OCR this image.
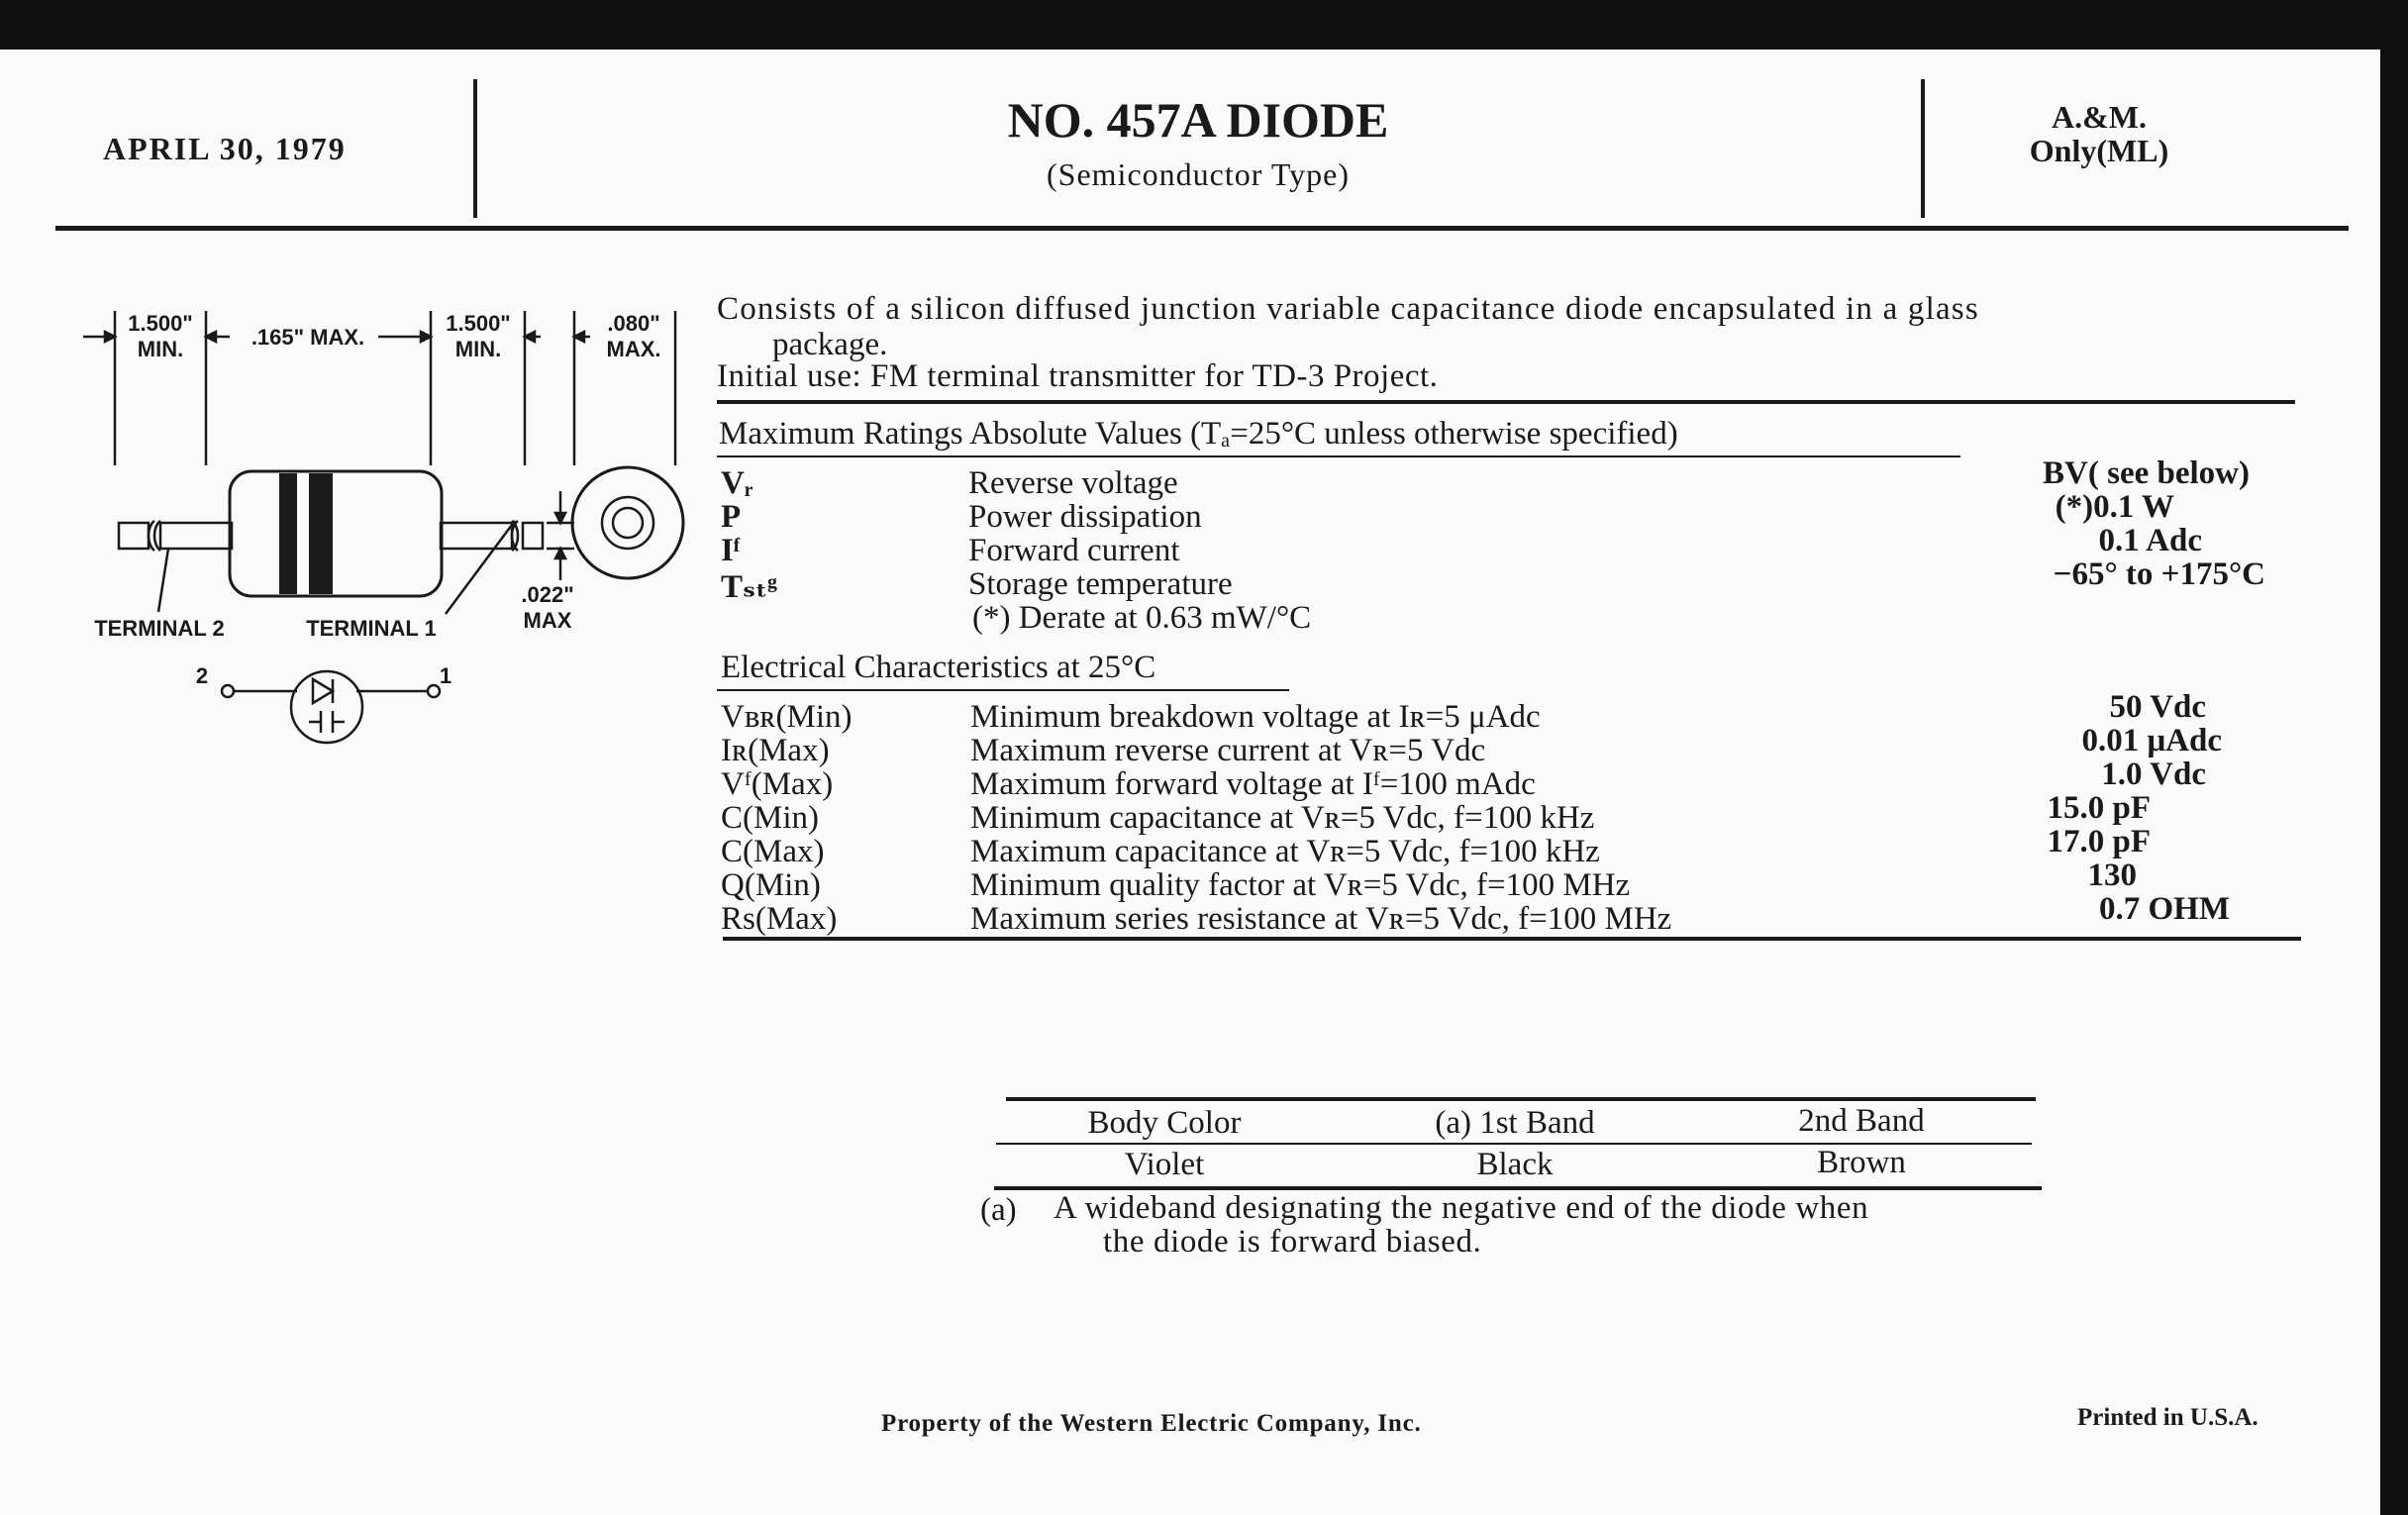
APRIL 30, 1979
NO. 457A DIODE
(Semiconductor Type)
A.&M.
Only(ML)
1.500"
MIN.	.165" MAX.
1.500"
MIN.
.080"
MAX.
.022"
MAX
TERMINAL 2	TERMINAL 1
2	1
Consists of a silicon diffused junction variable capacitance diode encapsulated in a glass
package.
Initial use: FM terminal transmitter for TD-3 Project.
Maximum Ratings Absolute Values (Tₐ=25°C unless otherwise specified)
Vᵣ	Reverse voltage	BV( see below)
P	Power dissipation	(*)0.1 W
Iᶠ	Forward current	0.1 Adc
Tₛₜᵍ	Storage temperature	−65° to +175°C
(*) Derate at 0.63 mW/°C
Electrical Characteristics at 25°C
Vʙʀ(Min)	Minimum breakdown voltage at Iʀ=5 μAdc	50 Vdc
Iʀ(Max)	Maximum reverse current at Vʀ=5 Vdc	0.01 μAdc
Vᶠ(Max)	Maximum forward voltage at Iᶠ=100 mAdc	1.0 Vdc
C(Min)	Minimum capacitance at Vʀ=5 Vdc, f=100 kHz	15.0 pF
C(Max)	Maximum capacitance at Vʀ=5 Vdc, f=100 kHz	17.0 pF
Q(Min)	Minimum quality factor at Vʀ=5 Vdc, f=100 MHz	130
Rs(Max)	Maximum series resistance at Vʀ=5 Vdc, f=100 MHz	0.7 OHM
Body Color	(a) 1st Band	2nd Band
Violet	Black	Brown
(a) A wideband designating the negative end of the diode when
the diode is forward biased.
Property of the Western Electric Company, Inc.	Printed in U.S.A.
